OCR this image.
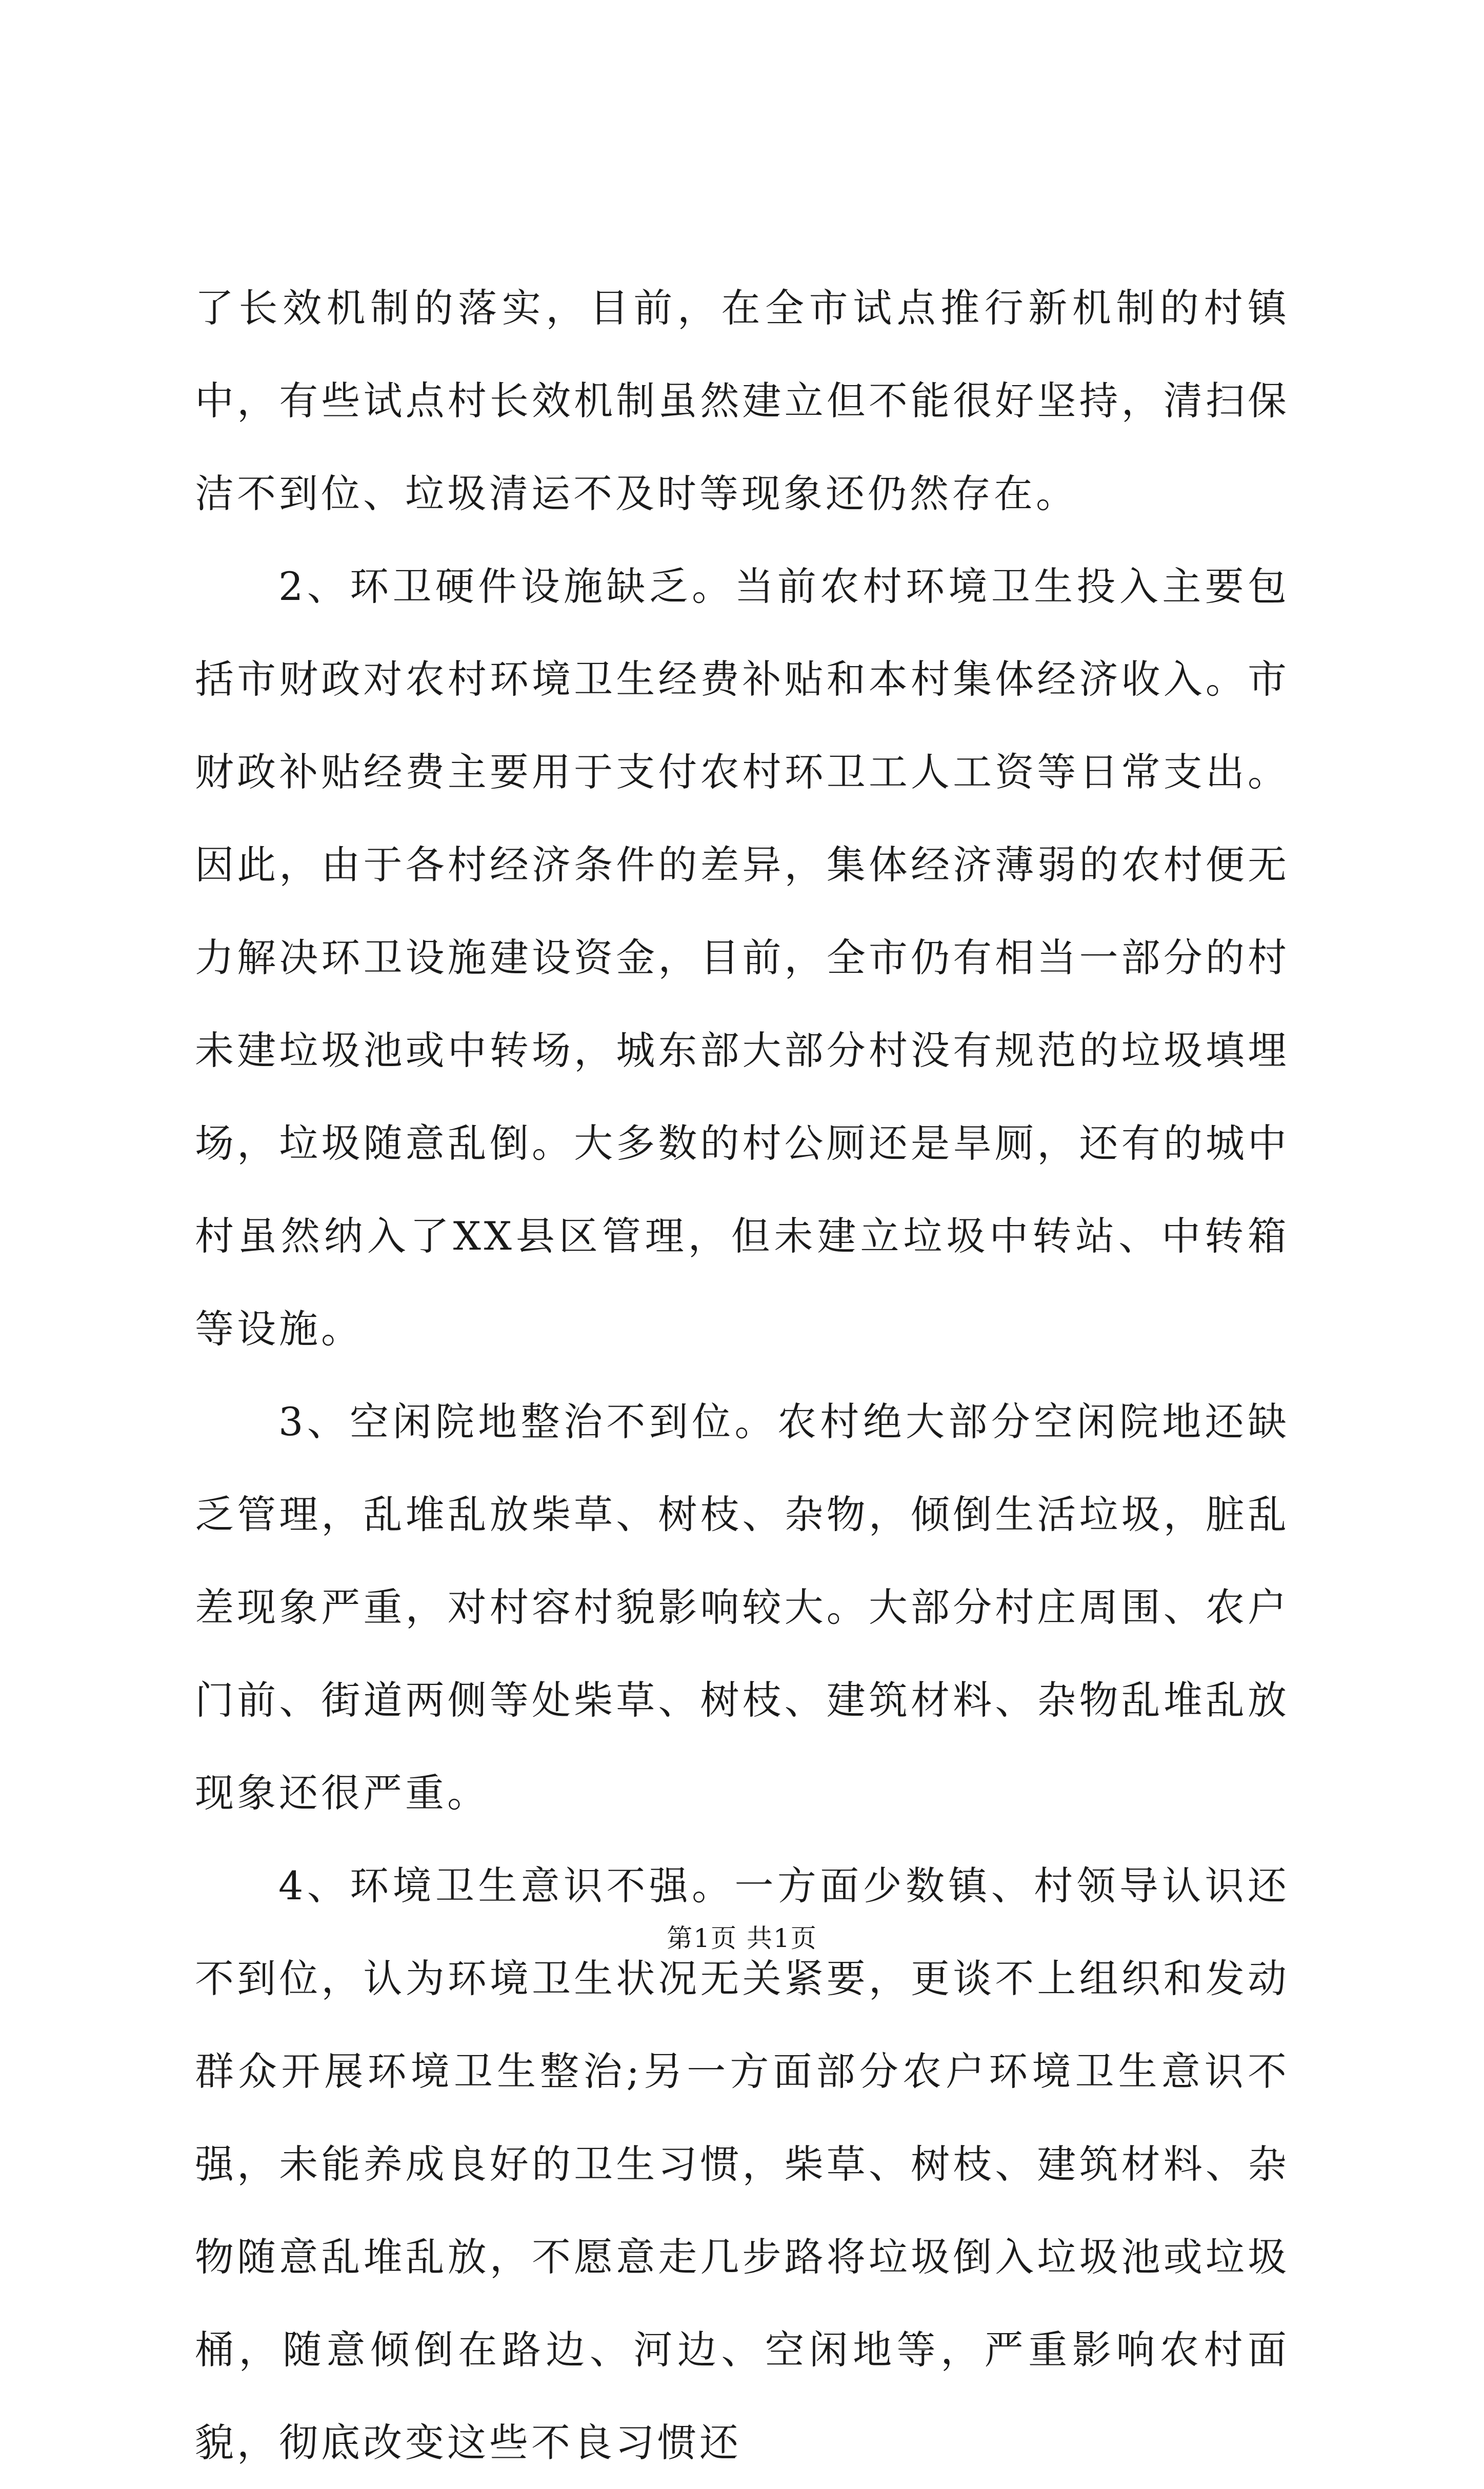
了长效机制的落实，目前，在全市试点推行新机制的村镇中，有些试点村长效机制虽然建立但不能很好坚持，清扫保洁不到位、垃圾清运不及时等现象还仍然存在。

2、环卫硬件设施缺乏。当前农村环境卫生投入主要包括市财政对农村环境卫生经费补贴和本村集体经济收入。市财政补贴经费主要用于支付农村环卫工人工资等日常支出。因此，由于各村经济条件的差异，集体经济薄弱的农村便无力解决环卫设施建设资金，目前，全市仍有相当一部分的村未建垃圾池或中转场，城东部大部分村没有规范的垃圾填埋场，垃圾随意乱倒。大多数的村公厕还是旱厕，还有的城中村虽然纳入了XX县区管理，但未建立垃圾中转站、中转箱等设施。

3、空闲院地整治不到位。农村绝大部分空闲院地还缺乏管理，乱堆乱放柴草、树枝、杂物，倾倒生活垃圾，脏乱差现象严重，对村容村貌影响较大。大部分村庄周围、农户门前、街道两侧等处柴草、树枝、建筑材料、杂物乱堆乱放现象还很严重。

4、环境卫生意识不强。一方面少数镇、村领导认识还不到位，认为环境卫生状况无关紧要，更谈不上组织和发动群众开展环境卫生整治;另一方面部分农户环境卫生意识不强，未能养成良好的卫生习惯，柴草、树枝、建筑材料、杂物随意乱堆乱放，不愿意走几步路将垃圾倒入垃圾池或垃圾桶，随意倾倒在路边、河边、空闲地等，严重影响农村面貌，彻底改变这些不良习惯还

第1页 共1页
